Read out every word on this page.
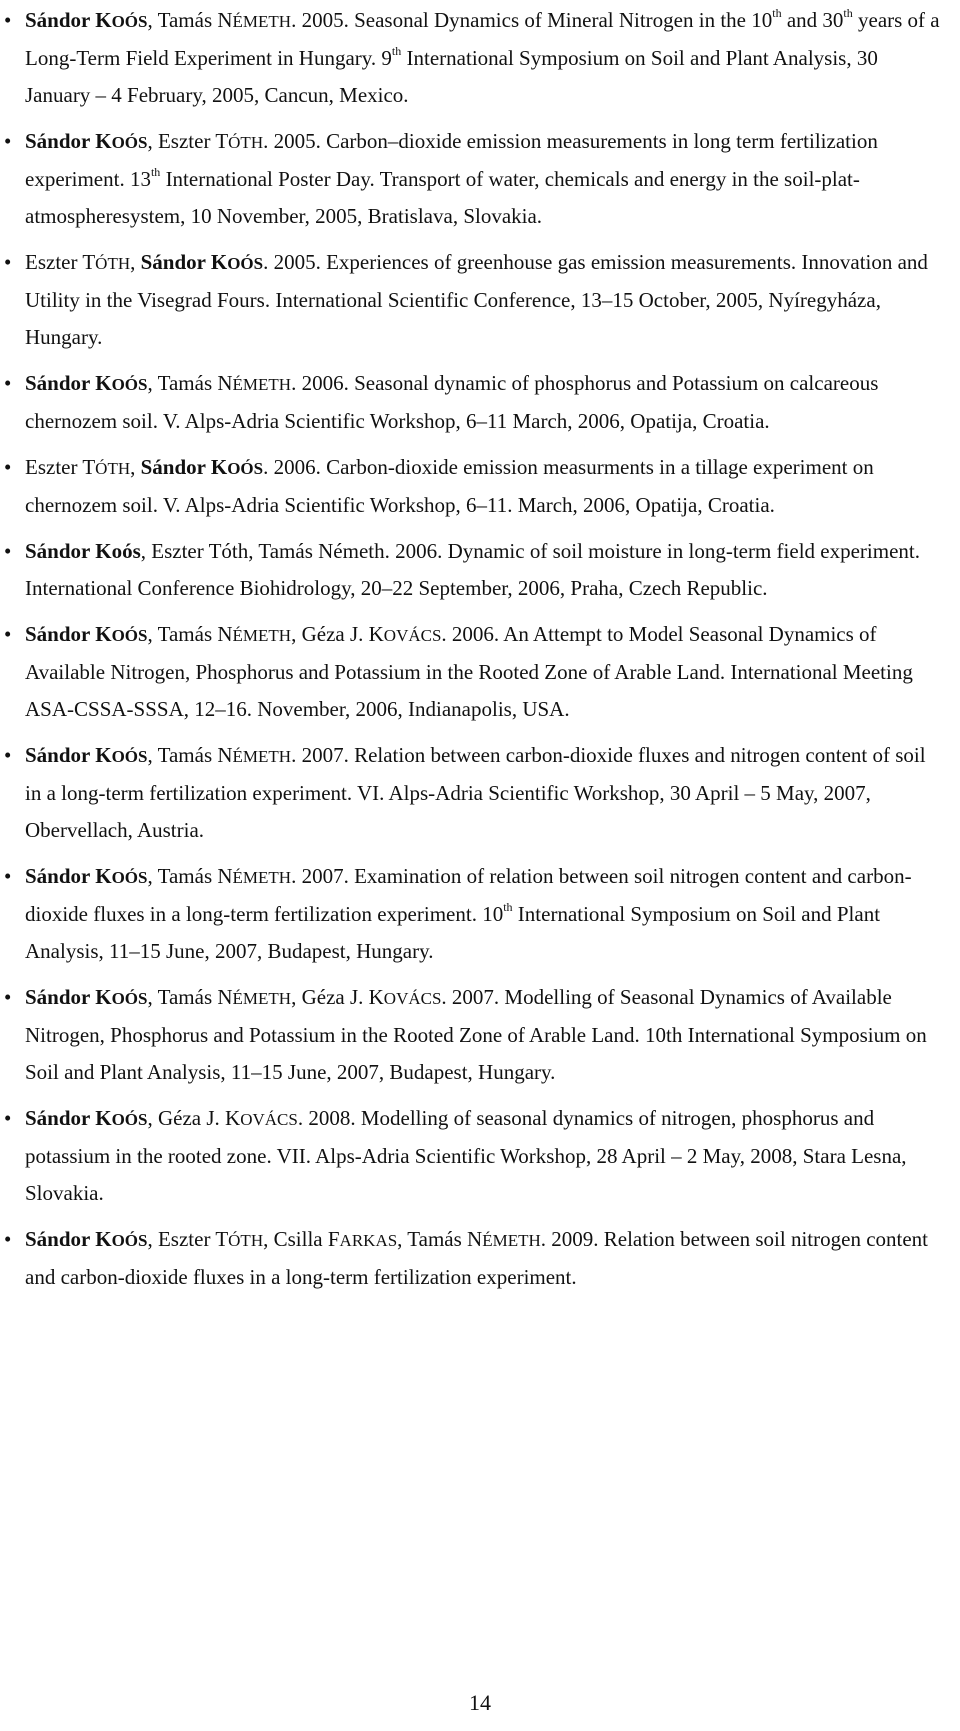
• Sándor KOÓS, Tamás NÉMETH. 2005. Seasonal Dynamics of Mineral Nitrogen in the 10th and 30th years of a Long-Term Field Experiment in Hungary. 9th International Symposium on Soil and Plant Analysis, 30 January – 4 February, 2005, Cancun, Mexico.
• Sándor KOÓS, Eszter TÓTH. 2005. Carbon–dioxide emission measurements in long term fertilization experiment. 13th International Poster Day. Transport of water, chemicals and energy in the soil-plat-atmospheresystem, 10 November, 2005, Bratislava, Slovakia.
• Eszter TÓTH, Sándor KOÓS. 2005. Experiences of greenhouse gas emission measurements. Innovation and Utility in the Visegrad Fours. International Scientific Conference, 13–15 October, 2005, Nyíregyháza, Hungary.
• Sándor KOÓS, Tamás NÉMETH. 2006. Seasonal dynamic of phosphorus and Potassium on calcareous chernozem soil. V. Alps-Adria Scientific Workshop, 6–11 March, 2006, Opatija, Croatia.
• Eszter TÓTH, Sándor KOÓS. 2006. Carbon-dioxide emission measurments in a tillage experiment on chernozem soil. V. Alps-Adria Scientific Workshop, 6–11. March, 2006, Opatija, Croatia.
• Sándor Koós, Eszter Tóth, Tamás Németh. 2006. Dynamic of soil moisture in long-term field experiment. International Conference Biohidrology, 20–22 September, 2006, Praha, Czech Republic.
• Sándor KOÓS, Tamás NÉMETH, Géza J. KOVÁCS. 2006. An Attempt to Model Seasonal Dynamics of Available Nitrogen, Phosphorus and Potassium in the Rooted Zone of Arable Land. International Meeting ASA-CSSA-SSSA, 12–16. November, 2006, Indianapolis, USA.
• Sándor KOÓS, Tamás NÉMETH. 2007. Relation between carbon-dioxide fluxes and nitrogen content of soil in a long-term fertilization experiment. VI. Alps-Adria Scientific Workshop, 30 April – 5 May, 2007, Obervellach, Austria.
• Sándor KOÓS, Tamás NÉMETH. 2007. Examination of relation between soil nitrogen content and carbon-dioxide fluxes in a long-term fertilization experiment. 10th International Symposium on Soil and Plant Analysis, 11–15 June, 2007, Budapest, Hungary.
• Sándor KOÓS, Tamás NÉMETH, Géza J. KOVÁCS. 2007. Modelling of Seasonal Dynamics of Available Nitrogen, Phosphorus and Potassium in the Rooted Zone of Arable Land. 10th International Symposium on Soil and Plant Analysis, 11–15 June, 2007, Budapest, Hungary.
• Sándor KOÓS, Géza J. KOVÁCS. 2008. Modelling of seasonal dynamics of nitrogen, phosphorus and potassium in the rooted zone. VII. Alps-Adria Scientific Workshop, 28 April – 2 May, 2008, Stara Lesna, Slovakia.
• Sándor KOÓS, Eszter TÓTH, Csilla FARKAS, Tamás NÉMETH. 2009. Relation between soil nitrogen content and carbon-dioxide fluxes in a long-term fertilization experiment.
14
